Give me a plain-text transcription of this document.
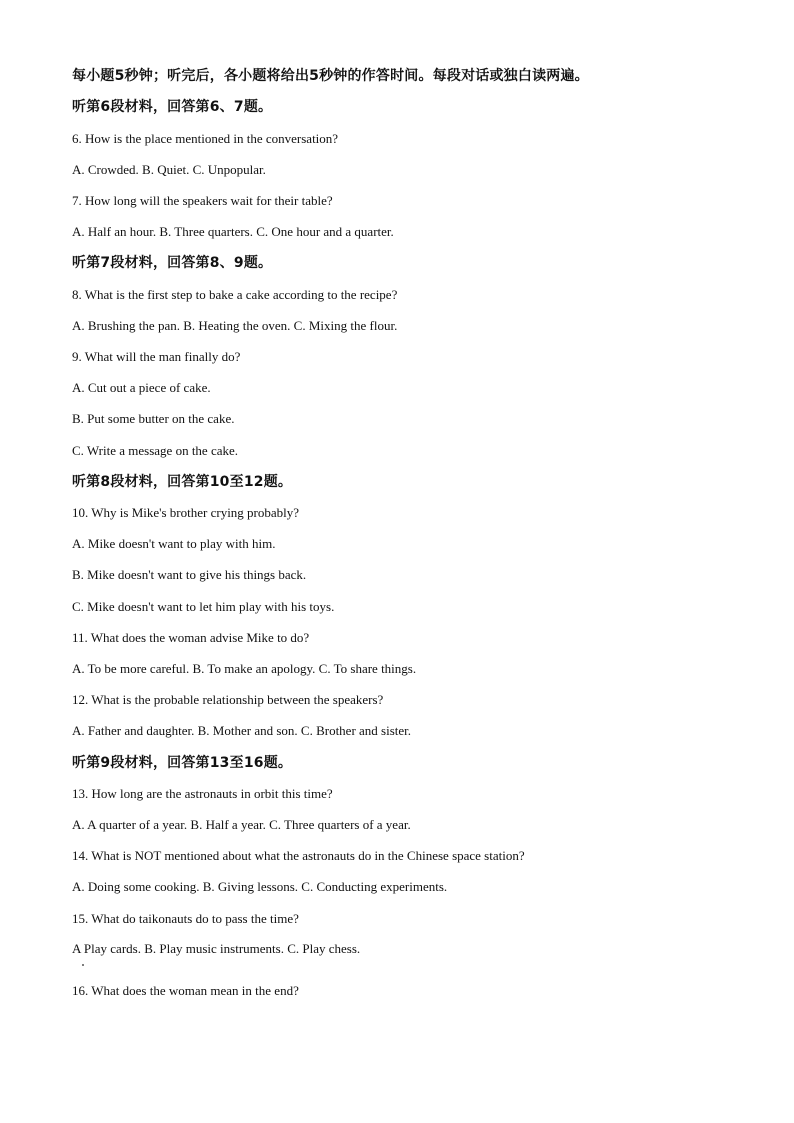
每小题5秒钟；听完后，各小题将给出5秒钟的作答时间。每段对话或独白读两遍。
听第6段材料，回答第6、7题。
6. How is the place mentioned in the conversation?
A. Crowded. B. Quiet. C. Unpopular.
7. How long will the speakers wait for their table?
A. Half an hour. B. Three quarters. C. One hour and a quarter.
听第7段材料，回答第8、9题。
8. What is the first step to bake a cake according to the recipe?
A. Brushing the pan. B. Heating the oven. C. Mixing the flour.
9. What will the man finally do?
A. Cut out a piece of cake.
B. Put some butter on the cake.
C. Write a message on the cake.
听第8段材料，回答第10至12题。
10. Why is Mike's brother crying probably?
A. Mike doesn't want to play with him.
B. Mike doesn't want to give his things back.
C. Mike doesn't want to let him play with his toys.
11. What does the woman advise Mike to do?
A. To be more careful. B. To make an apology. C. To share things.
12. What is the probable relationship between the speakers?
A. Father and daughter. B. Mother and son. C. Brother and sister.
听第9段材料，回答第13至16题。
13. How long are the astronauts in orbit this time?
A. A quarter of a year. B. Half a year. C. Three quarters of a year.
14. What is NOT mentioned about what the astronauts do in the Chinese space station?
A. Doing some cooking. B. Giving lessons. C. Conducting experiments.
15. What do taikonauts do to pass the time?
A Play cards. B. Play music instruments. C. Play chess.
16. What does the woman mean in the end?
